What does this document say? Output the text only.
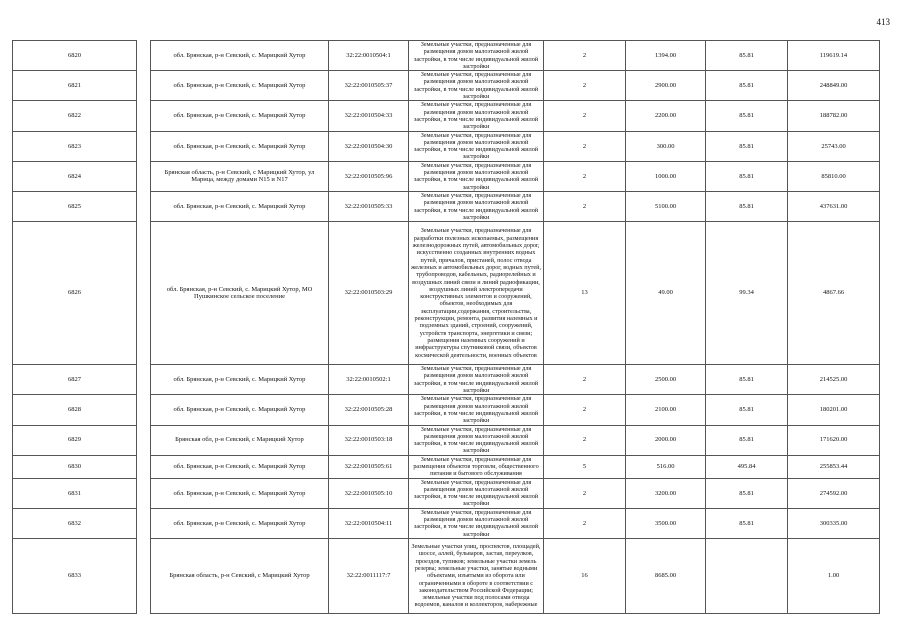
413
6820		обл. Брянская, р-н Севский, с. Марицкий Хутор	32:22:0010504:1	Земельные участки, предназначенные для размещения домов малоэтажной жилой застройки, в том числе индивидуальной жилой застройки	2	1394.00	85.81	119619.14
6821		обл. Брянская, р-н Севский, с. Марицкий Хутор	32:22:0010505:37	Земельные участки, предназначенные для размещения домов малоэтажной жилой застройки, в том числе индивидуальной жилой застройки	2	2900.00	85.81	248849.00
6822		обл. Брянская, р-н Севский, с. Марицкий Хутор	32:22:0010504:33	Земельные участки, предназначенные для размещения домов малоэтажной жилой застройки, в том числе индивидуальной жилой застройки	2	2200.00	85.81	188782.00
6823		обл. Брянская, р-н Севский, с. Марицкий Хутор	32:22:0010504:30	Земельные участки, предназначенные для размещения домов малоэтажной жилой застройки, в том числе индивидуальной жилой застройки	2	300.00	85.81	25743.00
6824		Брянская область, р-н Севский, с Марицкий Хутор, ул Марица, между домами N15 и N17	32:22:0010505:96	Земельные участки, предназначенные для размещения домов малоэтажной жилой застройки, в том числе индивидуальной жилой застройки	2	1000.00	85.81	85810.00
6825		обл. Брянская, р-н Севский, с. Марицкий Хутор	32:22:0010505:33	Земельные участки, предназначенные для размещения домов малоэтажной жилой застройки, в том числе индивидуальной жилой застройки	2	5100.00	85.81	437631.00
6826		обл. Брянская, р-н Севский, с. Марицкий Хутор, МО Пушкинское сельское поселение	32:22:0010503:29	Земельные участки, предназначенные для разработки полезных ископаемых, размещения железнодорожных путей, автомобильных дорог, искусственно созданных внутренних водных путей, причалов, пристаней, полос отвода железных и автомобильных дорог, водных путей, трубопроводов, кабельных, радиорелейных и воздушных линий связи и линий радиофикации, воздушных линий электропередачи конструктивных элементов и сооружений, объектов, необходимых для эксплуатации,содержания, строительства, реконструкции, ремонта, развития наземных и подземных зданий, строений, сооружений, устройств транспорта, энергетики и связи; размещения наземных сооружений и инфраструктуры спутниковой связи, объектов космической деятельности, военных объектов	13	49.00	99.34	4867.66
6827		обл. Брянская, р-н Севский, с. Марицкий Хутор	32:22:0010502:1	Земельные участки, предназначенные для размещения домов малоэтажной жилой застройки, в том числе индивидуальной жилой застройки	2	2500.00	85.81	214525.00
6828		обл. Брянская, р-н Севский, с. Марицкий Хутор	32:22:0010505:28	Земельные участки, предназначенные для размещения домов малоэтажной жилой застройки, в том числе индивидуальной жилой застройки	2	2100.00	85.81	180201.00
6829		Брянская обл, р-н Севский, с Марицкий Хутор	32:22:0010503:18	Земельные участки, предназначенные для размещения домов малоэтажной жилой застройки, в том числе индивидуальной жилой застройки	2	2000.00	85.81	171620.00
6830		обл. Брянская, р-н Севский, с. Марицкий Хутор	32:22:0010505:61	Земельные участки, предназначенные для размещения объектов торговли, общественного питания и бытового обслуживания	5	516.00	495.84	255853.44
6831		обл. Брянская, р-н Севский, с. Марицкий Хутор	32:22:0010505:10	Земельные участки, предназначенные для размещения домов малоэтажной жилой застройки, в том числе индивидуальной жилой застройки	2	3200.00	85.81	274592.00
6832		обл. Брянская, р-н Севский, с. Марицкий Хутор	32:22:0010504:11	Земельные участки, предназначенные для размещения домов малоэтажной жилой застройки, в том числе индивидуальной жилой застройки	2	3500.00	85.81	300335.00
6833		Брянская область, р-н Севский, с Марицкий Хутор	32:22:0011117:7	Земельные участки улиц, проспектов, площадей, шоссе, аллей, бульваров, застав, переулков, проездов, тупиков; земельные участки земель резерва; земельные участки, занятые водными объектами, изъятыми из оборота или ограниченными в обороте в соответствии с законодательством Российской Федерации; земельные участки под полосами отвода водоемов, каналов и коллекторов, набережные	16	8685.00		1.00
